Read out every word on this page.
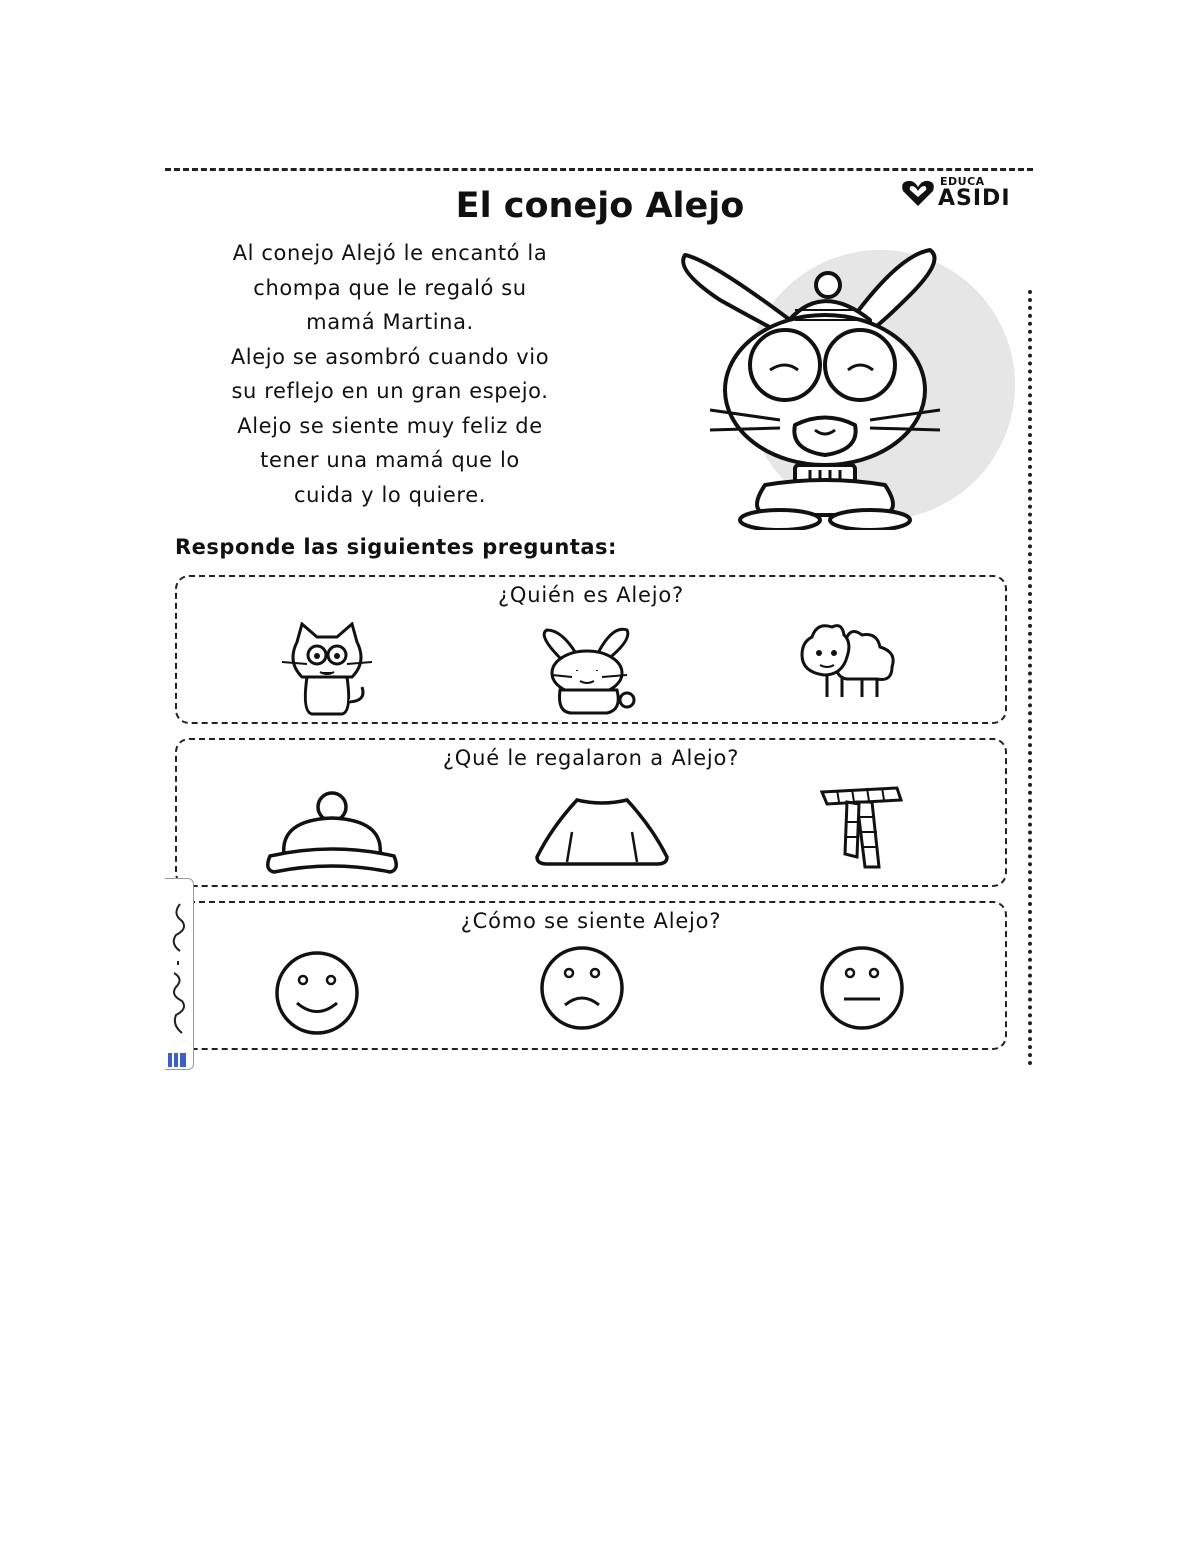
EDUCA
ASIDI
El conejo Alejo
Al conejo Alejó le encantó la
chompa que le regaló su
mamá Martina.
Alejo se asombró cuando vio
su reflejo en un gran espejo.
Alejo se siente muy feliz de
tener una mamá que lo
cuida y lo quiere.
Responde las siguientes preguntas:
¿Quién es Alejo?
¿Qué le regalaron a Alejo?
¿Cómo se siente Alejo?
